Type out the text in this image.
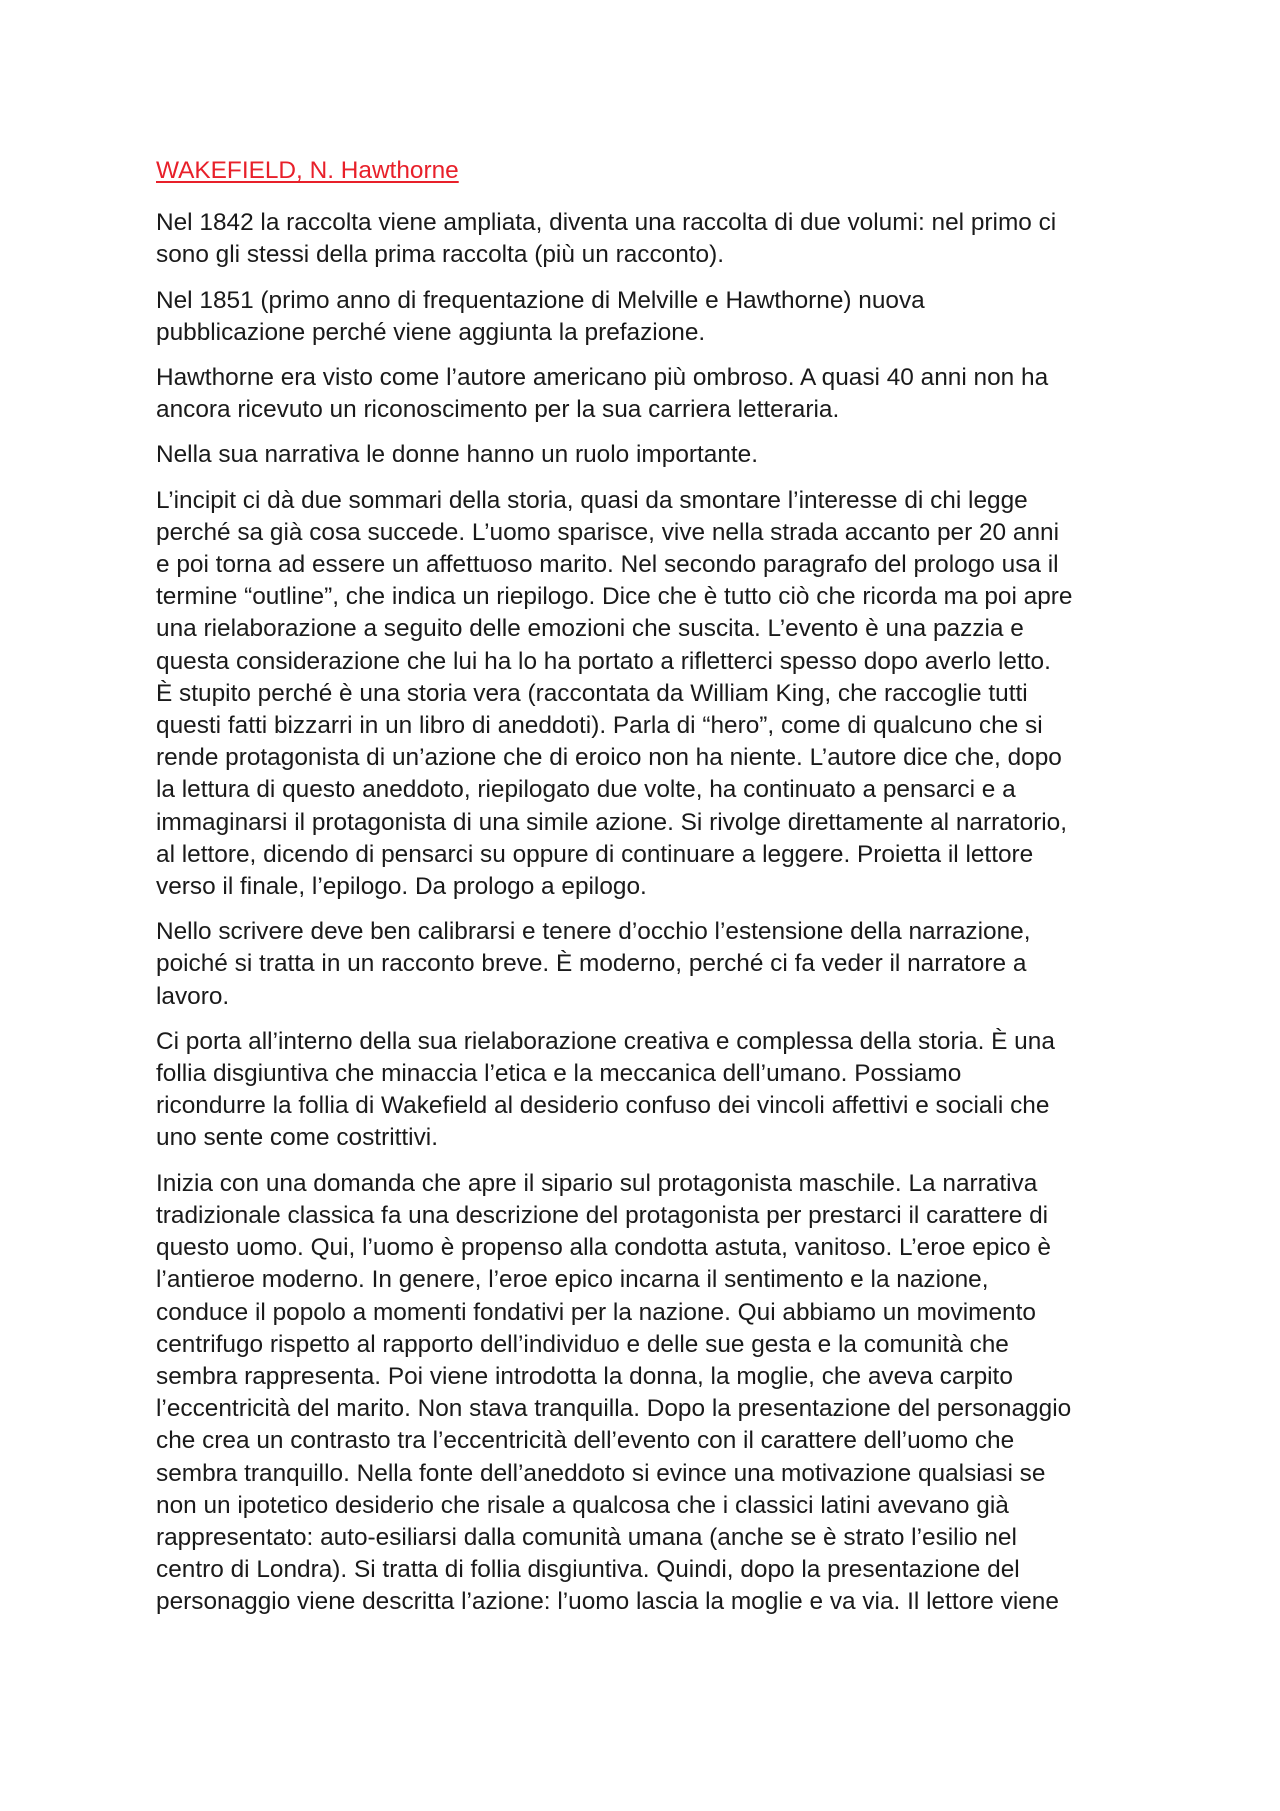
WAKEFIELD, N. Hawthorne

Nel 1842 la raccolta viene ampliata, diventa una raccolta di due volumi: nel primo ci
sono gli stessi della prima raccolta (più un racconto).

Nel 1851 (primo anno di frequentazione di Melville e Hawthorne) nuova
pubblicazione perché viene aggiunta la prefazione.

Hawthorne era visto come l’autore americano più ombroso. A quasi 40 anni non ha
ancora ricevuto un riconoscimento per la sua carriera letteraria.

Nella sua narrativa le donne hanno un ruolo importante.

L’incipit ci dà due sommari della storia, quasi da smontare l’interesse di chi legge
perché sa già cosa succede. L’uomo sparisce, vive nella strada accanto per 20 anni
e poi torna ad essere un affettuoso marito. Nel secondo paragrafo del prologo usa il
termine “outline”, che indica un riepilogo. Dice che è tutto ciò che ricorda ma poi apre
una rielaborazione a seguito delle emozioni che suscita. L’evento è una pazzia e
questa considerazione che lui ha lo ha portato a rifletterci spesso dopo averlo letto.
È stupito perché è una storia vera (raccontata da William King, che raccoglie tutti
questi fatti bizzarri in un libro di aneddoti). Parla di “hero”, come di qualcuno che si
rende protagonista di un’azione che di eroico non ha niente. L’autore dice che, dopo
la lettura di questo aneddoto, riepilogato due volte, ha continuato a pensarci e a
immaginarsi il protagonista di una simile azione. Si rivolge direttamente al narratorio,
al lettore, dicendo di pensarci su oppure di continuare a leggere. Proietta il lettore
verso il finale, l’epilogo. Da prologo a epilogo.

Nello scrivere deve ben calibrarsi e tenere d’occhio l’estensione della narrazione,
poiché si tratta in un racconto breve. È moderno, perché ci fa veder il narratore a
lavoro.

Ci porta all’interno della sua rielaborazione creativa e complessa della storia. È una
follia disgiuntiva che minaccia l’etica e la meccanica dell’umano. Possiamo
ricondurre la follia di Wakefield al desiderio confuso dei vincoli affettivi e sociali che
uno sente come costrittivi.

Inizia con una domanda che apre il sipario sul protagonista maschile. La narrativa
tradizionale classica fa una descrizione del protagonista per prestarci il carattere di
questo uomo. Qui, l’uomo è propenso alla condotta astuta, vanitoso. L’eroe epico è
l’antieroe moderno. In genere, l’eroe epico incarna il sentimento e la nazione,
conduce il popolo a momenti fondativi per la nazione. Qui abbiamo un movimento
centrifugo rispetto al rapporto dell’individuo e delle sue gesta e la comunità che
sembra rappresenta. Poi viene introdotta la donna, la moglie, che aveva carpito
l’eccentricità del marito. Non stava tranquilla. Dopo la presentazione del personaggio
che crea un contrasto tra l’eccentricità dell’evento con il carattere dell’uomo che
sembra tranquillo. Nella fonte dell’aneddoto si evince una motivazione qualsiasi se
non un ipotetico desiderio che risale a qualcosa che i classici latini avevano già
rappresentato: auto-esiliarsi dalla comunità umana (anche se è strato l’esilio nel
centro di Londra). Si tratta di follia disgiuntiva. Quindi, dopo la presentazione del
personaggio viene descritta l’azione: l’uomo lascia la moglie e va via. Il lettore viene
